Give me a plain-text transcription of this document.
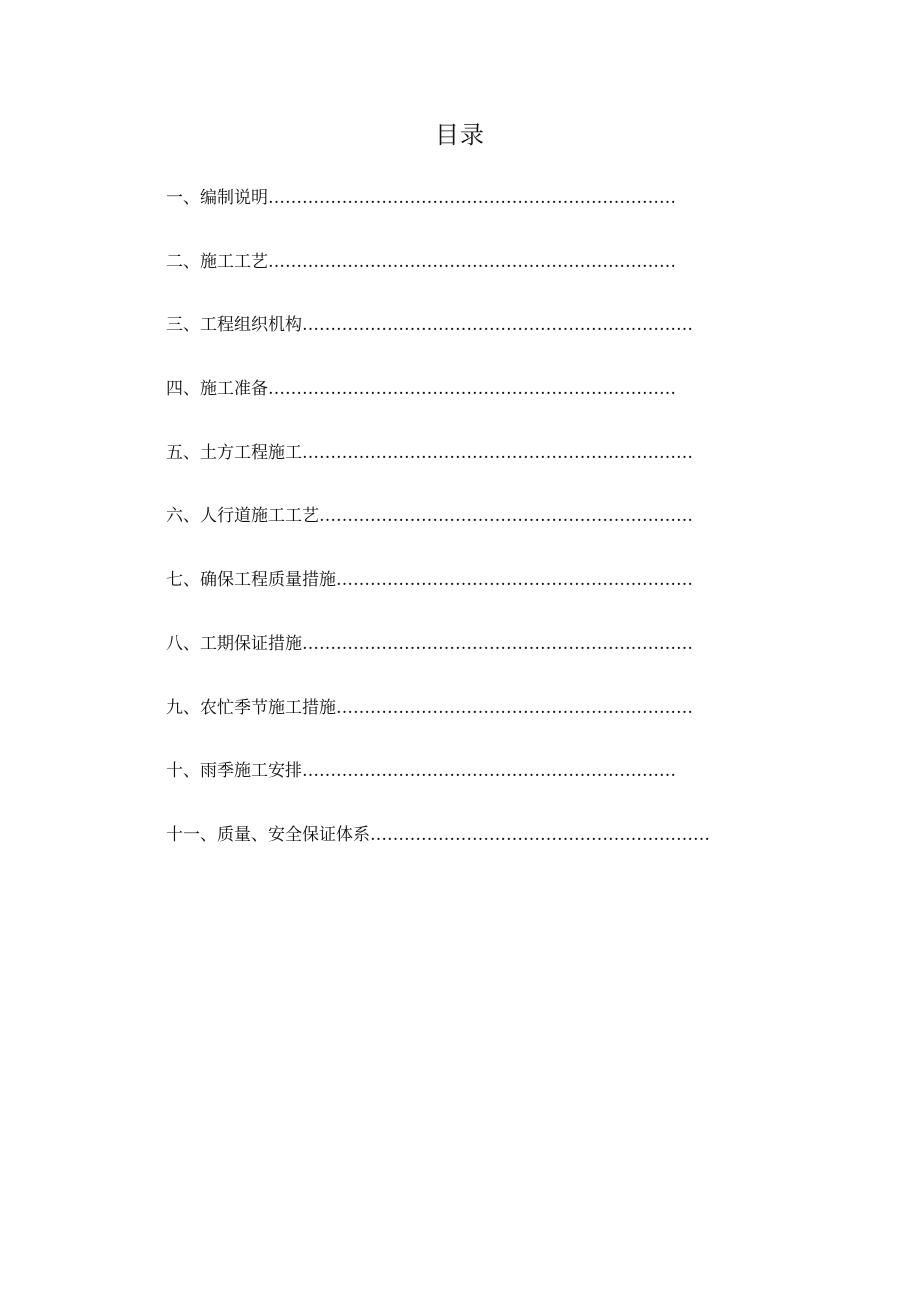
目录
一、编制说明………………………………………………………………
二、施工工艺………………………………………………………………
三、工程组织机构……………………………………………………………
四、施工准备………………………………………………………………
五、土方工程施工……………………………………………………………
六、人行道施工工艺…………………………………………………………
七、确保工程质量措施………………………………………………………
八、工期保证措施……………………………………………………………
九、农忙季节施工措施………………………………………………………
十、雨季施工安排…………………………………………………………
十一、质量、安全保证体系……………………………………………………
